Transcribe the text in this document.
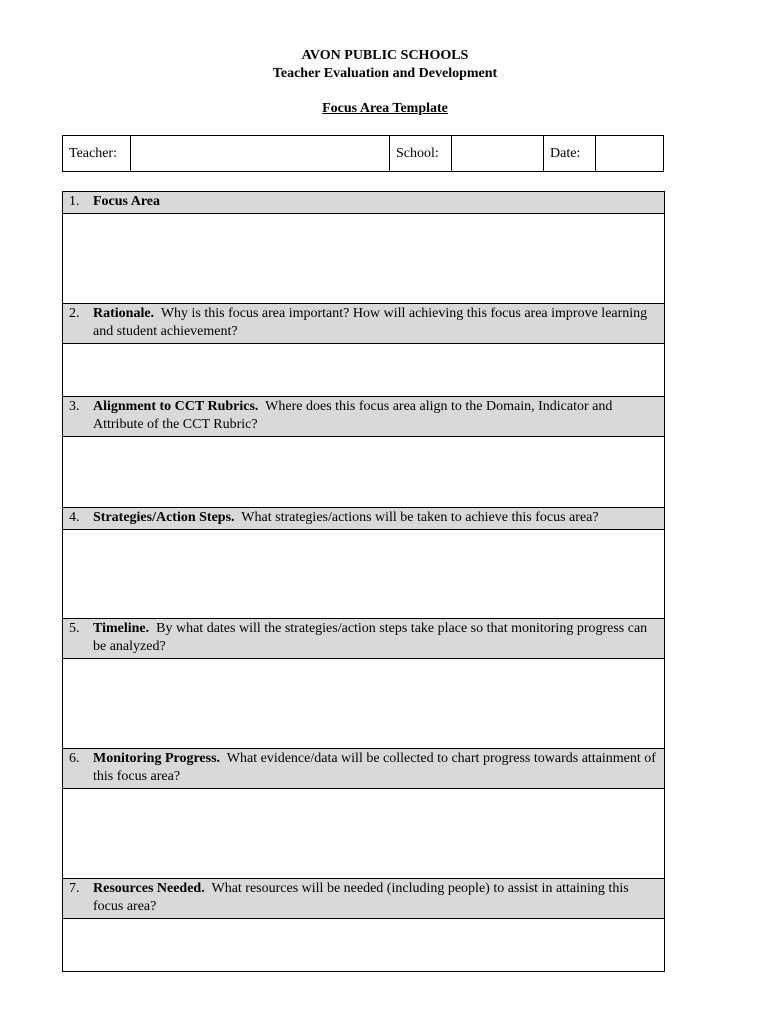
AVON PUBLIC SCHOOLS
Teacher Evaluation and Development
Focus Area Template
Teacher:		School:		Date:	
1. Focus Area

2. Rationale. Why is this focus area important? How will achieving this focus area improve learning and student achievement?

3. Alignment to CCT Rubrics. Where does this focus area align to the Domain, Indicator and Attribute of the CCT Rubric?

4. Strategies/Action Steps. What strategies/actions will be taken to achieve this focus area?

5. Timeline. By what dates will the strategies/action steps take place so that monitoring progress can be analyzed?

6. Monitoring Progress. What evidence/data will be collected to chart progress towards attainment of this focus area?

7. Resources Needed. What resources will be needed (including people) to assist in attaining this focus area?
